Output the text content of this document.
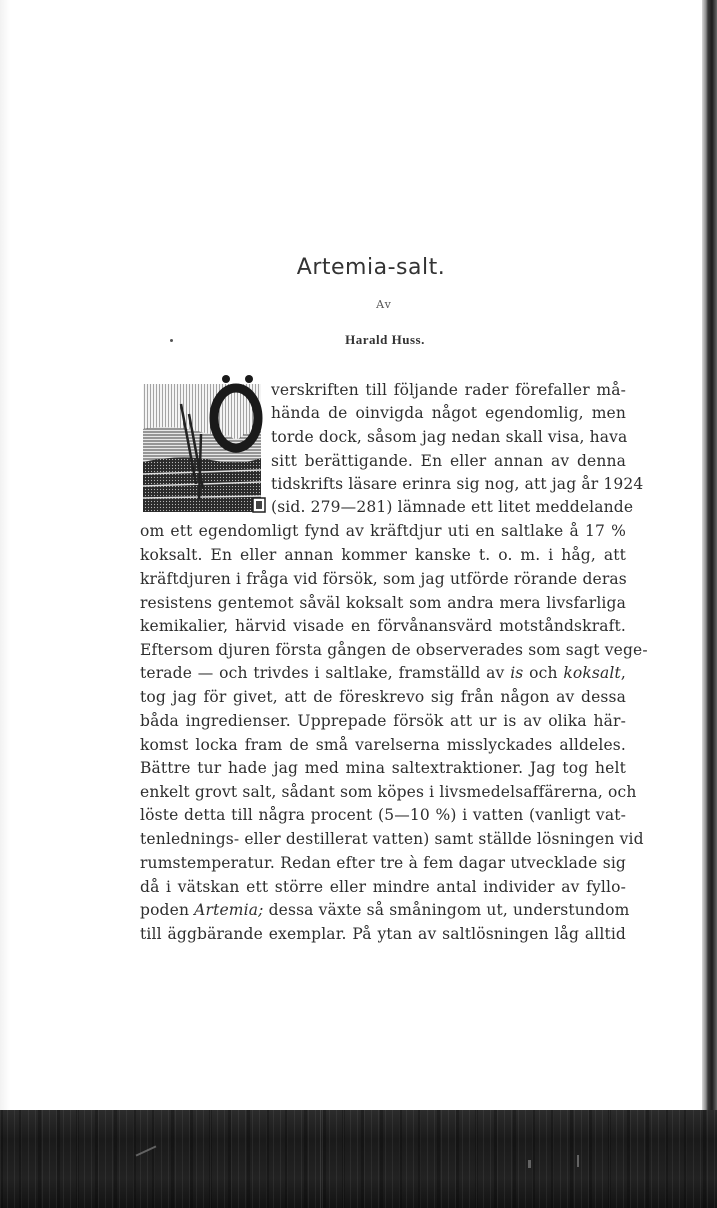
Artemia-salt.
Av
Harald Huss.
verskriften till följande rader förefaller må-
hända de oinvigda något egendomlig, men
torde dock, såsom jag nedan skall visa, hava
sitt berättigande. En eller annan av denna
tidskrifts läsare erinra sig nog, att jag år 1924
(sid. 279—281) lämnade ett litet meddelande
om ett egendomligt fynd av kräftdjur uti en saltlake å 17 %
koksalt. En eller annan kommer kanske t. o. m. i håg, att
kräftdjuren i fråga vid försök, som jag utförde rörande deras
resistens gentemot såväl koksalt som andra mera livsfarliga
kemikalier, härvid visade en förvånansvärd motståndskraft.
Eftersom djuren första gången de observerades som sagt vege-
terade — och trivdes i saltlake, framställd av is och koksalt,
tog jag för givet, att de föreskrevo sig från någon av dessa
båda ingredienser. Upprepade försök att ur is av olika här-
komst locka fram de små varelserna misslyckades alldeles.
Bättre tur hade jag med mina saltextraktioner. Jag tog helt
enkelt grovt salt, sådant som köpes i livsmedelsaffärerna, och
löste detta till några procent (5—10 %) i vatten (vanligt vat-
tenlednings- eller destillerat vatten) samt ställde lösningen vid
rumstemperatur. Redan efter tre à fem dagar utvecklade sig
då i vätskan ett större eller mindre antal individer av fyllo-
poden Artemia; dessa växte så småningom ut, understundom
till äggbärande exemplar. På ytan av saltlösningen låg alltid
